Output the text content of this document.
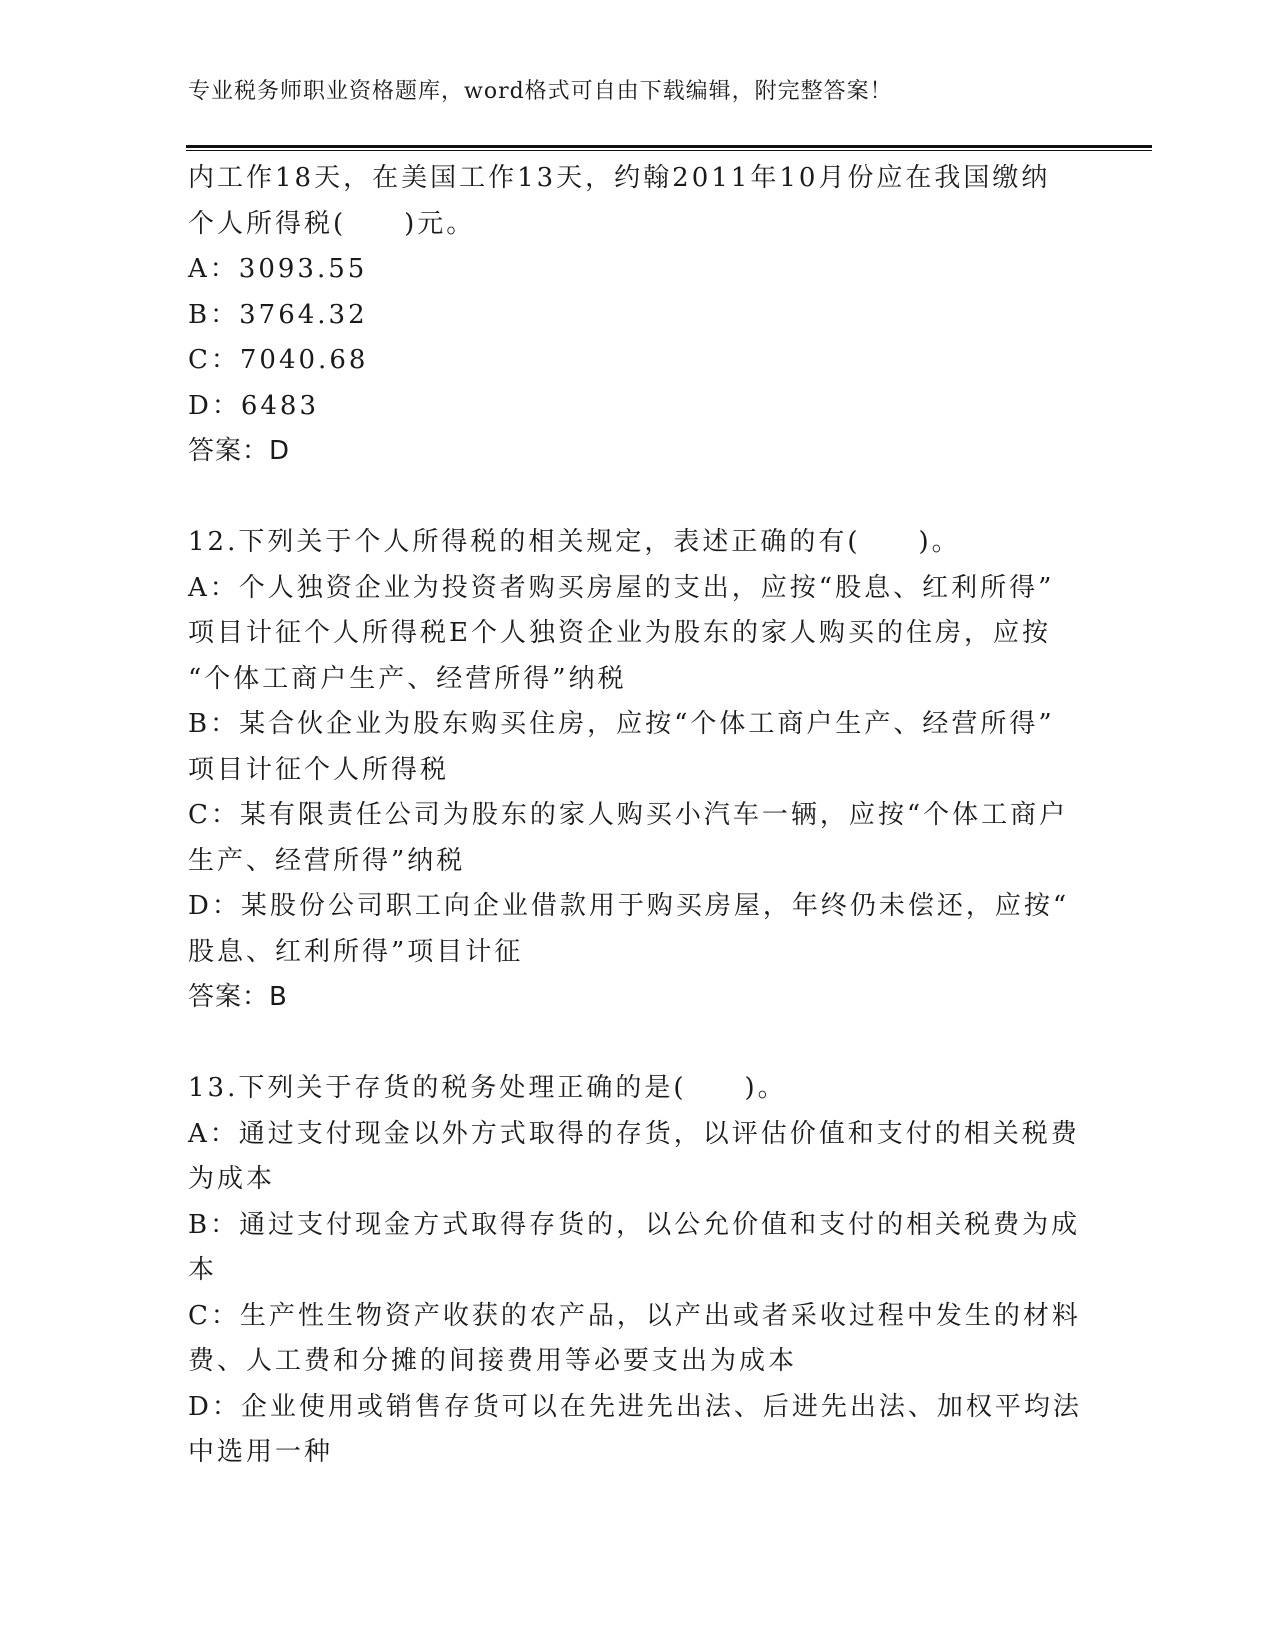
专业税务师职业资格题库，word格式可自由下载编辑，附完整答案！
内工作18天，在美国工作13天，约翰2011年10月份应在我国缴纳
个人所得税(　　)元。
A：3093.55
B：3764.32
C：7040.68
D：6483
答案：D
12.下列关于个人所得税的相关规定，表述正确的有(　　)。
A：个人独资企业为投资者购买房屋的支出，应按“股息、红利所得”
项目计征个人所得税E个人独资企业为股东的家人购买的住房，应按
“个体工商户生产、经营所得”纳税
B：某合伙企业为股东购买住房，应按“个体工商户生产、经营所得”
项目计征个人所得税
C：某有限责任公司为股东的家人购买小汽车一辆，应按“个体工商户
生产、经营所得”纳税
D：某股份公司职工向企业借款用于购买房屋，年终仍未偿还，应按“
股息、红利所得”项目计征
答案：B
13.下列关于存货的税务处理正确的是(　　)。
A：通过支付现金以外方式取得的存货，以评估价值和支付的相关税费
为成本
B：通过支付现金方式取得存货的，以公允价值和支付的相关税费为成
本
C：生产性生物资产收获的农产品，以产出或者采收过程中发生的材料
费、人工费和分摊的间接费用等必要支出为成本
D：企业使用或销售存货可以在先进先出法、后进先出法、加权平均法
中选用一种
